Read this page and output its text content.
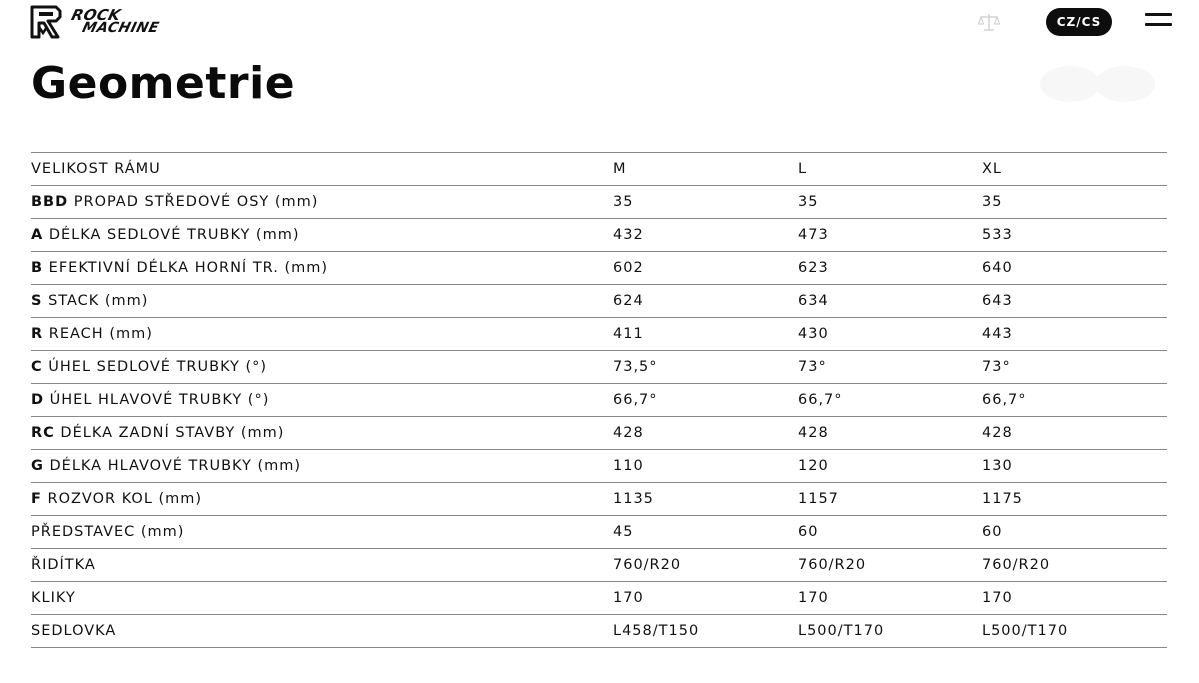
ROCK
MACHINE	CZ/CS
Geometrie
VELIKOST RÁMU	M	L	XL
BBD PROPAD STŘEDOVÉ OSY (mm)	35	35	35
A DÉLKA SEDLOVÉ TRUBKY (mm)	432	473	533
B EFEKTIVNÍ DÉLKA HORNÍ TR. (mm)	602	623	640
S STACK (mm)	624	634	643
R REACH (mm)	411	430	443
C ÚHEL SEDLOVÉ TRUBKY (°)	73,5°	73°	73°
D ÚHEL HLAVOVÉ TRUBKY (°)	66,7°	66,7°	66,7°
RC DÉLKA ZADNÍ STAVBY (mm)	428	428	428
G DÉLKA HLAVOVÉ TRUBKY (mm)	110	120	130
F ROZVOR KOL (mm)	1135	1157	1175
PŘEDSTAVEC (mm)	45	60	60
ŘIDÍTKA	760/R20	760/R20	760/R20
KLIKY	170	170	170
SEDLOVKA	L458/T150	L500/T170	L500/T170
